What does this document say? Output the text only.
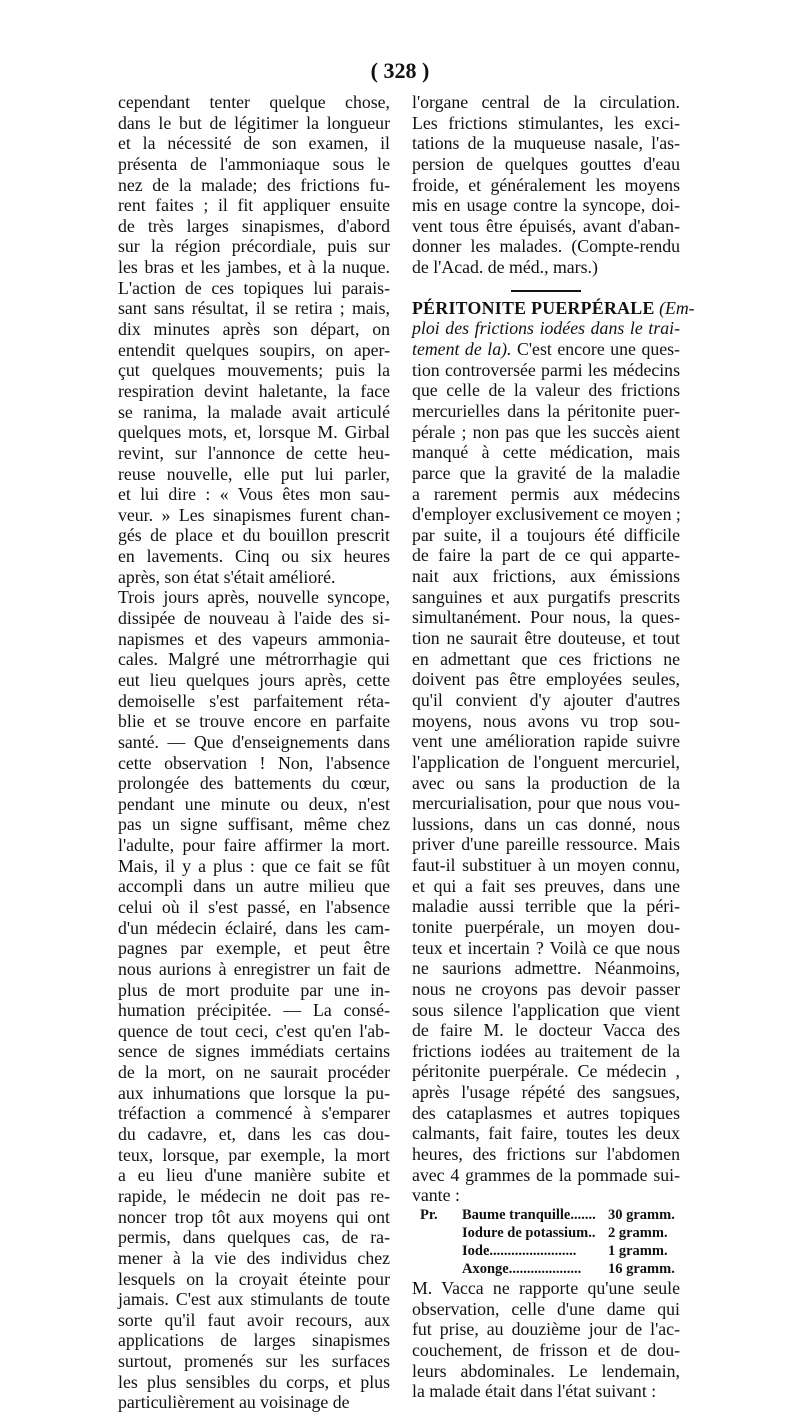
( 328 )
cependant tenter quelque chose,
dans le but de légitimer la longueur
et la nécessité de son examen, il
présenta de l'ammoniaque sous le
nez de la malade; des frictions fu-
rent faites ; il fit appliquer ensuite
de très larges sinapismes, d'abord
sur la région précordiale, puis sur
les bras et les jambes, et à la nuque.
L'action de ces topiques lui parais-
sant sans résultat, il se retira ; mais,
dix minutes après son départ, on
entendit quelques soupirs, on aper-
çut quelques mouvements; puis la
respiration devint haletante, la face
se ranima, la malade avait articulé
quelques mots, et, lorsque M. Girbal
revint, sur l'annonce de cette heu-
reuse nouvelle, elle put lui parler,
et lui dire : « Vous êtes mon sau-
veur. » Les sinapismes furent chan-
gés de place et du bouillon prescrit
en lavements. Cinq ou six heures
après, son état s'était amélioré.
Trois jours après, nouvelle syncope,
dissipée de nouveau à l'aide des si-
napismes et des vapeurs ammonia-
cales. Malgré une métrorrhagie qui
eut lieu quelques jours après, cette
demoiselle s'est parfaitement réta-
blie et se trouve encore en parfaite
santé. — Que d'enseignements dans
cette observation ! Non, l'absence
prolongée des battements du cœur,
pendant une minute ou deux, n'est
pas un signe suffisant, même chez
l'adulte, pour faire affirmer la mort.
Mais, il y a plus : que ce fait se fût
accompli dans un autre milieu que
celui où il s'est passé, en l'absence
d'un médecin éclairé, dans les cam-
pagnes par exemple, et peut être
nous aurions à enregistrer un fait de
plus de mort produite par une in-
humation précipitée. — La consé-
quence de tout ceci, c'est qu'en l'ab-
sence de signes immédiats certains
de la mort, on ne saurait procéder
aux inhumations que lorsque la pu-
tréfaction a commencé à s'emparer
du cadavre, et, dans les cas dou-
teux, lorsque, par exemple, la mort
a eu lieu d'une manière subite et
rapide, le médecin ne doit pas re-
noncer trop tôt aux moyens qui ont
permis, dans quelques cas, de ra-
mener à la vie des individus chez
lesquels on la croyait éteinte pour
jamais. C'est aux stimulants de toute
sorte qu'il faut avoir recours, aux
applications de larges sinapismes
surtout, promenés sur les surfaces
les plus sensibles du corps, et plus
particulièrement au voisinage de
l'organe central de la circulation.
Les frictions stimulantes, les exci-
tations de la muqueuse nasale, l'as-
persion de quelques gouttes d'eau
froide, et généralement les moyens
mis en usage contre la syncope, doi-
vent tous être épuisés, avant d'aban-
donner les malades. (Compte-rendu
de l'Acad. de méd., mars.)
PÉRITONITE PUERPÉRALE (Em-
ploi des frictions iodées dans le trai-
tement de la). C'est encore une ques-
tion controversée parmi les médecins
que celle de la valeur des frictions
mercurielles dans la péritonite puer-
pérale ; non pas que les succès aient
manqué à cette médication, mais
parce que la gravité de la maladie
a rarement permis aux médecins
d'employer exclusivement ce moyen ;
par suite, il a toujours été difficile
de faire la part de ce qui apparte-
nait aux frictions, aux émissions
sanguines et aux purgatifs prescrits
simultanément. Pour nous, la ques-
tion ne saurait être douteuse, et tout
en admettant que ces frictions ne
doivent pas être employées seules,
qu'il convient d'y ajouter d'autres
moyens, nous avons vu trop sou-
vent une amélioration rapide suivre
l'application de l'onguent mercuriel,
avec ou sans la production de la
mercurialisation, pour que nous vou-
lussions, dans un cas donné, nous
priver d'une pareille ressource. Mais
faut-il substituer à un moyen connu,
et qui a fait ses preuves, dans une
maladie aussi terrible que la péri-
tonite puerpérale, un moyen dou-
teux et incertain ? Voilà ce que nous
ne saurions admettre. Néanmoins,
nous ne croyons pas devoir passer
sous silence l'application que vient
de faire M. le docteur Vacca des
frictions iodées au traitement de la
péritonite puerpérale. Ce médecin ,
après l'usage répété des sangsues,
des cataplasmes et autres topiques
calmants, fait faire, toutes les deux
heures, des frictions sur l'abdomen
avec 4 grammes de la pommade sui-
vante :
Pr.	Baume tranquille....... 30 gramm.
Iodure de potassium.. 2 gramm.
Iode........................	1 gramm.
Axonge....................	16 gramm.
M. Vacca ne rapporte qu'une seule
observation, celle d'une dame qui
fut prise, au douzième jour de l'ac-
couchement, de frisson et de dou-
leurs abdominales. Le lendemain,
la malade était dans l'état suivant :
